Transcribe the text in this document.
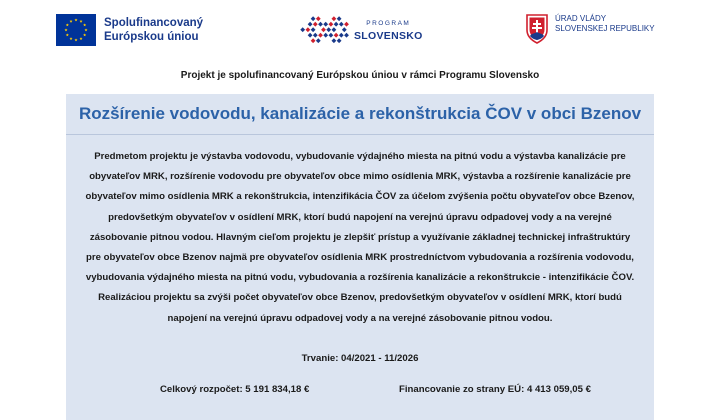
Spolufinancovaný
Európskou úniou
PROGRAM
SLOVENSKO
ÚRAD VLÁDY
SLOVENSKEJ REPUBLIKY
Projekt je spolufinancovaný Európskou úniou v rámci Programu Slovensko
Rozšírenie vodovodu, kanalizácie a rekonštrukcia ČOV v obci Bzenov
Predmetom projektu je výstavba vodovodu, vybudovanie výdajného miesta na pitnú vodu a výstavba kanalizácie pre
obyvateľov MRK, rozšírenie vodovodu pre obyvateľov obce mimo osídlenia MRK, výstavba a rozšírenie kanalizácie pre
obyvateľov mimo osídlenia MRK a rekonštrukcia, intenzifikácia ČOV za účelom zvýšenia počtu obyvateľov obce Bzenov,
predovšetkým obyvateľov v osídlení MRK, ktorí budú napojení na verejnú úpravu odpadovej vody a na verejné
zásobovanie pitnou vodou. Hlavným cieľom projektu je zlepšiť prístup a využívanie základnej technickej infraštruktúry
pre obyvateľov obce Bzenov najmä pre obyvateľov osídlenia MRK prostredníctvom vybudovania a rozšírenia vodovodu,
vybudovania výdajného miesta na pitnú vodu, vybudovania a rozšírenia kanalizácie a rekonštrukcie - intenzifikácie ČOV.
Realizáciou projektu sa zvýši počet obyvateľov obce Bzenov, predovšetkým obyvateľov v osídlení MRK, ktorí budú
napojení na verejnú úpravu odpadovej vody a na verejné zásobovanie pitnou vodou.
Trvanie: 04/2021 - 11/2026
Celkový rozpočet: 5 191 834,18 €	Financovanie zo strany EÚ: 4 413 059,05 €
